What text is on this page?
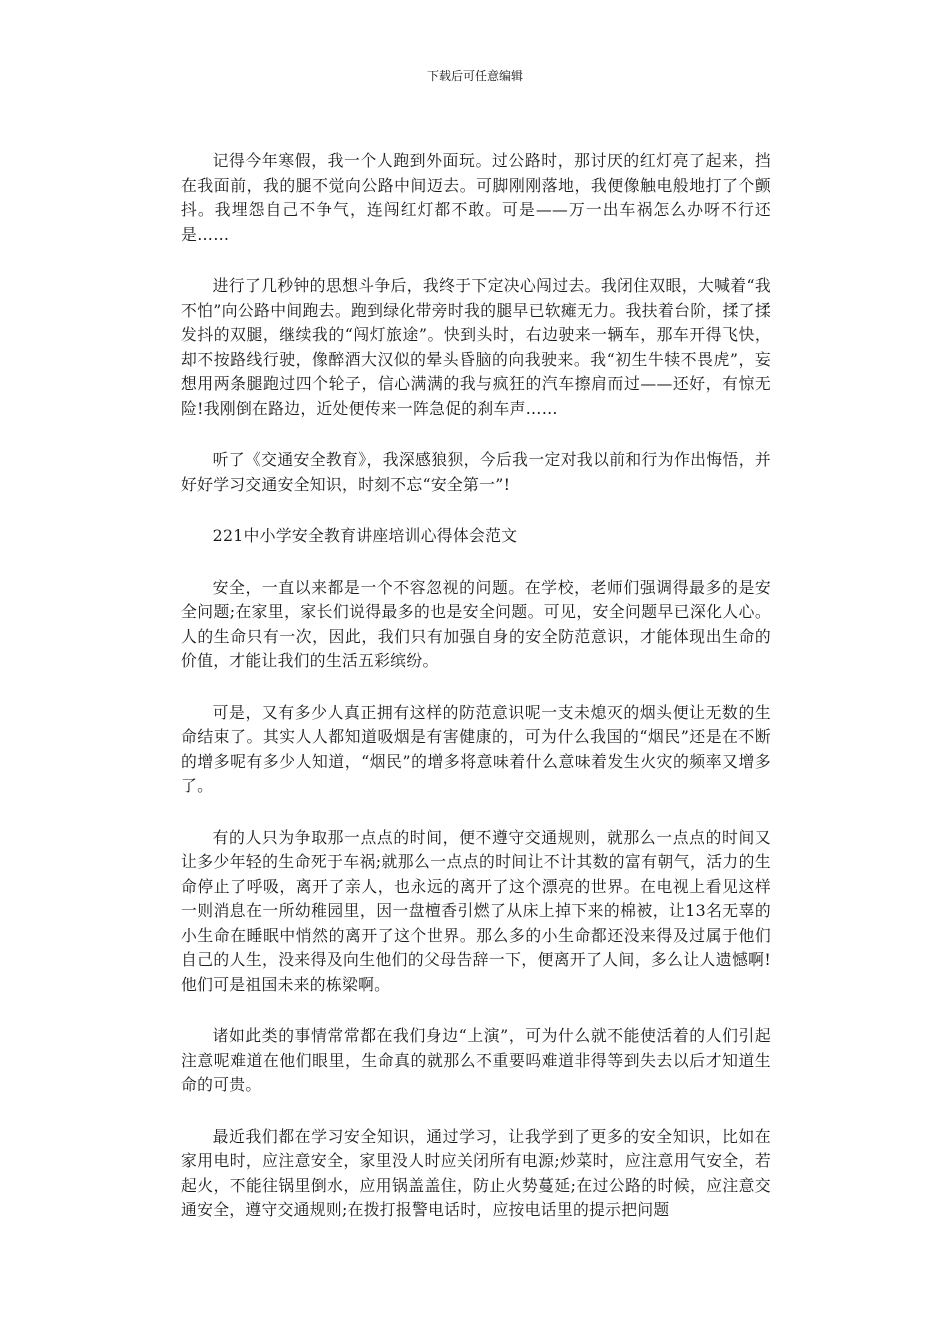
下载后可任意编辑

记得今年寒假，我一个人跑到外面玩。过公路时，那讨厌的红灯亮了起来，挡在我面前，我的腿不觉向公路中间迈去。可脚刚刚落地，我便像触电般地打了个颤抖。我埋怨自己不争气，连闯红灯都不敢。可是——万一出车祸怎么办呀不行还是……

进行了几秒钟的思想斗争后，我终于下定决心闯过去。我闭住双眼，大喊着“我不怕”向公路中间跑去。跑到绿化带旁时我的腿早已软瘫无力。我扶着台阶，揉了揉发抖的双腿，继续我的“闯灯旅途”。快到头时，右边驶来一辆车，那车开得飞快，却不按路线行驶，像醉酒大汉似的晕头昏脑的向我驶来。我“初生牛犊不畏虎”，妄想用两条腿跑过四个轮子，信心满满的我与疯狂的汽车擦肩而过——还好，有惊无险!我刚倒在路边，近处便传来一阵急促的刹车声……

听了《交通安全教育》，我深感狼狈，今后我一定对我以前和行为作出悔悟，并好好学习交通安全知识，时刻不忘“安全第一”!

221中小学安全教育讲座培训心得体会范文

安全，一直以来都是一个不容忽视的问题。在学校，老师们强调得最多的是安全问题;在家里，家长们说得最多的也是安全问题。可见，安全问题早已深化人心。人的生命只有一次，因此，我们只有加强自身的安全防范意识，才能体现出生命的价值，才能让我们的生活五彩缤纷。

可是，又有多少人真正拥有这样的防范意识呢一支未熄灭的烟头便让无数的生命结束了。其实人人都知道吸烟是有害健康的，可为什么我国的“烟民”还是在不断的增多呢有多少人知道，“烟民”的增多将意味着什么意味着发生火灾的频率又增多了。

有的人只为争取那一点点的时间，便不遵守交通规则，就那么一点点的时间又让多少年轻的生命死于车祸;就那么一点点的时间让不计其数的富有朝气，活力的生命停止了呼吸，离开了亲人，也永远的离开了这个漂亮的世界。在电视上看见这样一则消息在一所幼稚园里，因一盘檀香引燃了从床上掉下来的棉被，让13名无辜的小生命在睡眠中悄然的离开了这个世界。那么多的小生命都还没来得及过属于他们自己的人生，没来得及向生他们的父母告辞一下，便离开了人间，多么让人遗憾啊!他们可是祖国未来的栋梁啊。

诸如此类的事情常常都在我们身边“上演”，可为什么就不能使活着的人们引起注意呢难道在他们眼里，生命真的就那么不重要吗难道非得等到失去以后才知道生命的可贵。

最近我们都在学习安全知识，通过学习，让我学到了更多的安全知识，比如在家用电时，应注意安全，家里没人时应关闭所有电源;炒菜时，应注意用气安全，若起火，不能往锅里倒水，应用锅盖盖住，防止火势蔓延;在过公路的时候，应注意交通安全，遵守交通规则;在拨打报警电话时，应按电话里的提示把问题
